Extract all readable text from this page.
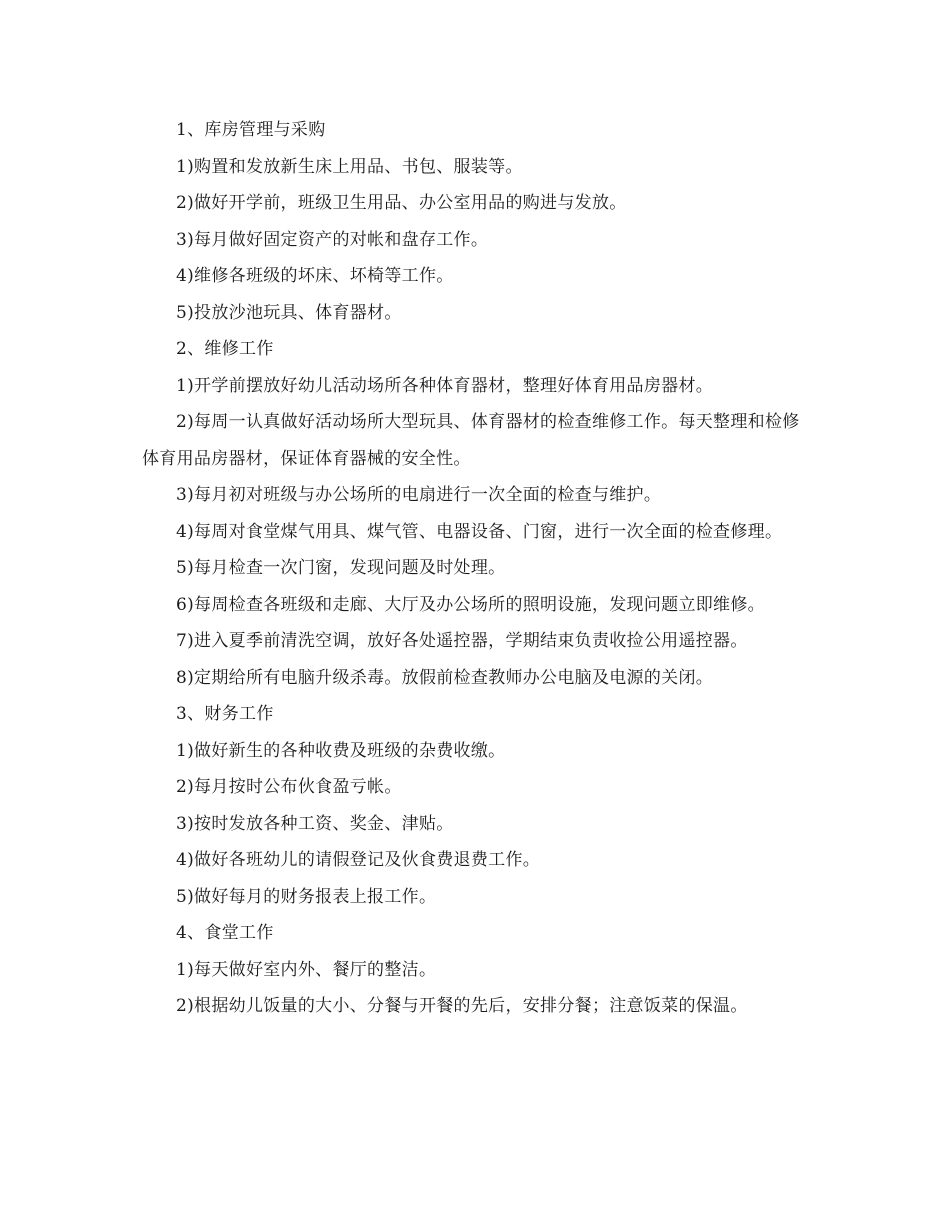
1、库房管理与采购

1)购置和发放新生床上用品、书包、服装等。

2)做好开学前，班级卫生用品、办公室用品的购进与发放。

3)每月做好固定资产的对帐和盘存工作。

4)维修各班级的坏床、坏椅等工作。

5)投放沙池玩具、体育器材。

2、维修工作

1)开学前摆放好幼儿活动场所各种体育器材，整理好体育用品房器材。

2)每周一认真做好活动场所大型玩具、体育器材的检查维修工作。每天整理和检修体育用品房器材，保证体育器械的安全性。

3)每月初对班级与办公场所的电扇进行一次全面的检查与维护。

4)每周对食堂煤气用具、煤气管、电器设备、门窗，进行一次全面的检查修理。

5)每月检查一次门窗，发现问题及时处理。

6)每周检查各班级和走廊、大厅及办公场所的照明设施，发现问题立即维修。

7)进入夏季前清洗空调，放好各处遥控器，学期结束负责收捡公用遥控器。

8)定期给所有电脑升级杀毒。放假前检查教师办公电脑及电源的关闭。

3、财务工作

1)做好新生的各种收费及班级的杂费收缴。

2)每月按时公布伙食盈亏帐。

3)按时发放各种工资、奖金、津贴。

4)做好各班幼儿的请假登记及伙食费退费工作。

5)做好每月的财务报表上报工作。

4、食堂工作

1)每天做好室内外、餐厅的整洁。

2)根据幼儿饭量的大小、分餐与开餐的先后，安排分餐；注意饭菜的保温。
